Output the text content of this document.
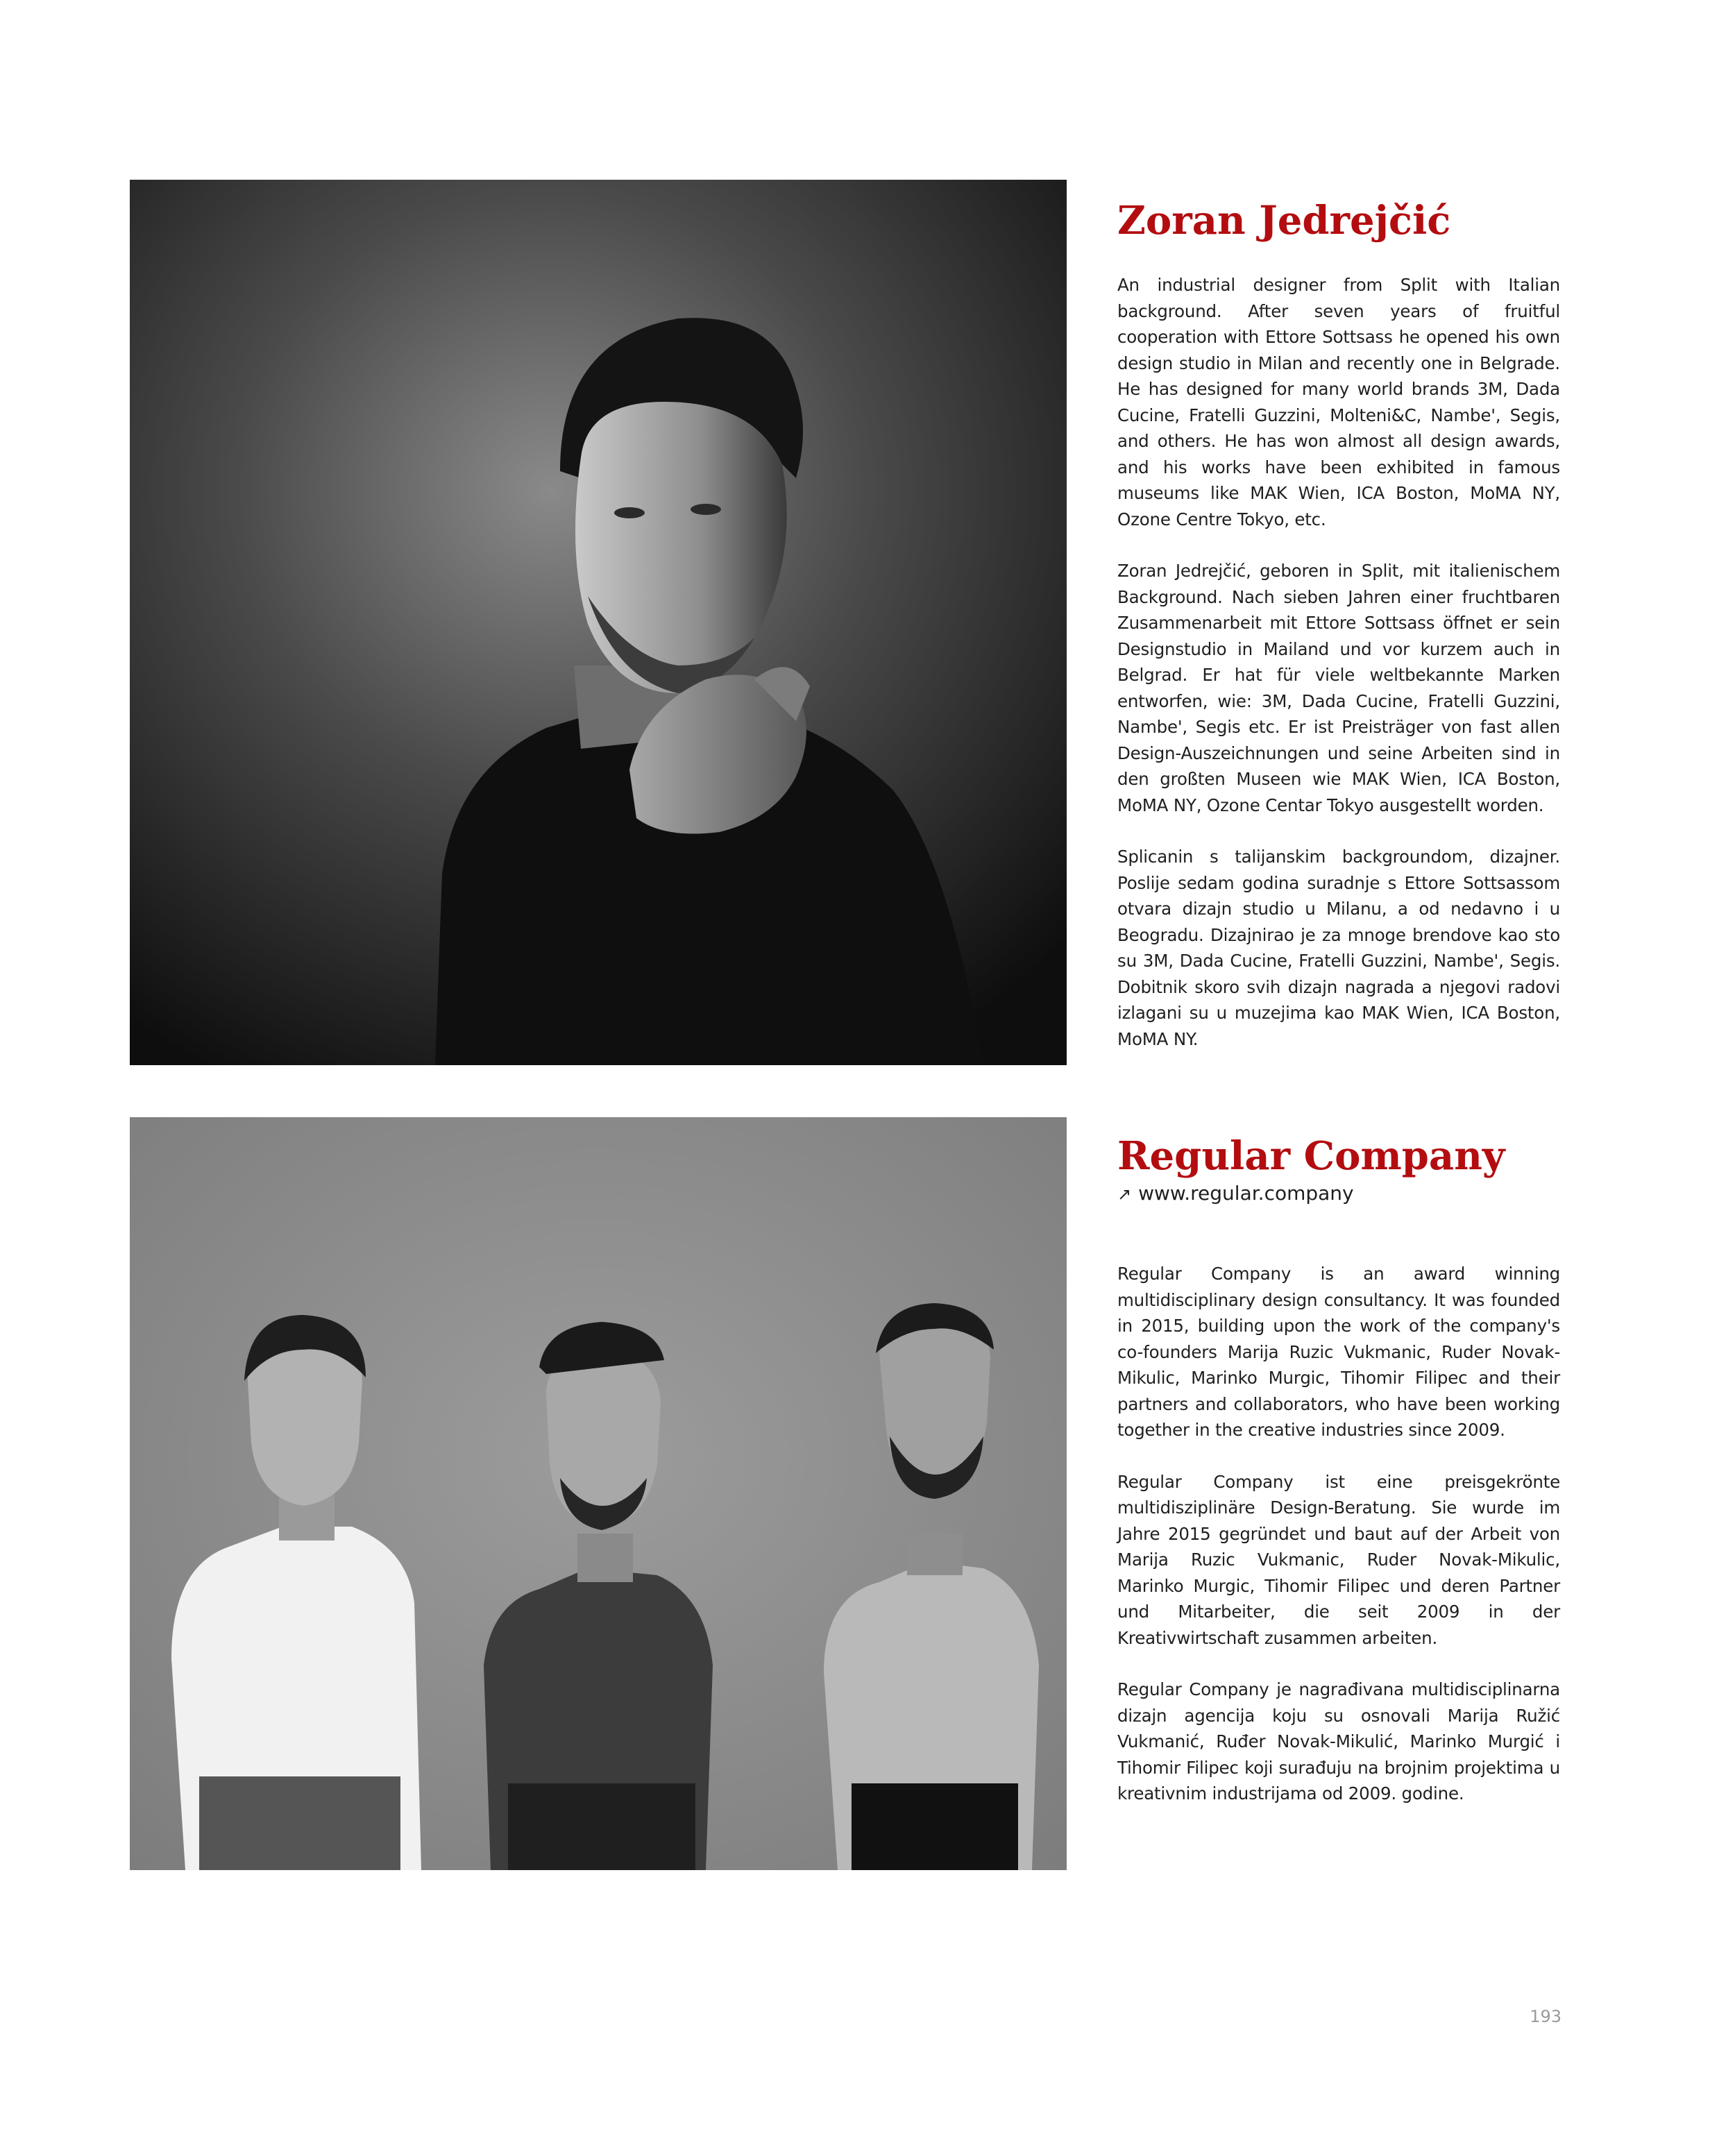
Zoran Jedrejčić

An industrial designer from Split with Italian background. After seven years of fruitful cooperation with Ettore Sottsass he opened his own design studio in Milan and recently one in Belgrade. He has designed for many world brands 3M, Dada Cucine, Fratelli Guzzini, Molteni&C, Nambe', Segis, and others. He has won almost all design awards, and his works have been exhibited in famous museums like MAK Wien, ICA Boston, MoMA NY, Ozone Centre Tokyo, etc.

Zoran Jedrejčić, geboren in Split, mit italienischem Background. Nach sieben Jahren einer fruchtbaren Zusammenarbeit mit Ettore Sottsass öffnet er sein Designstudio in Mailand und vor kurzem auch in Belgrad. Er hat für viele weltbekannte Marken entworfen, wie: 3M, Dada Cucine, Fratelli Guzzini, Nambe', Segis etc. Er ist Preisträger von fast allen Design-Auszeichnungen und seine Arbeiten sind in den großten Museen wie MAK Wien, ICA Boston, MoMA NY, Ozone Centar Tokyo ausgestellt worden.

Splicanin s talijanskim backgroundom, dizajner. Poslije sedam godina suradnje s Ettore Sottsassom otvara dizajn studio u Milanu, a od nedavno i u Beogradu. Dizajnirao je za mnoge brendove kao sto su 3M, Dada Cucine, Fratelli Guzzini, Nambe', Segis. Dobitnik skoro svih dizajn nagrada a njegovi radovi izlagani su u muzejima kao MAK Wien, ICA Boston, MoMA NY.

Regular Company
↗ www.regular.company

Regular Company is an award winning multidisciplinary design consultancy. It was founded in 2015, building upon the work of the company's co-founders Marija Ruzic Vukmanic, Ruder Novak-Mikulic, Marinko Murgic, Tihomir Filipec and their partners and collaborators, who have been working together in the creative industries since 2009.

Regular Company ist eine preisgekrönte multidisziplinäre Design-Beratung. Sie wurde im Jahre 2015 gegründet und baut auf der Arbeit von Marija Ruzic Vukmanic, Ruder Novak-Mikulic, Marinko Murgic, Tihomir Filipec und deren Partner und Mitarbeiter, die seit 2009 in der Kreativwirtschaft zusammen arbeiten.

Regular Company je nagrađivana multidisciplinarna dizajn agencija koju su osnovali Marija Ružić Vukmanić, Ruđer Novak-Mikulić, Marinko Murgić i Tihomir Filipec koji surađuju na brojnim projektima u kreativnim industrijama od 2009. godine.

193
